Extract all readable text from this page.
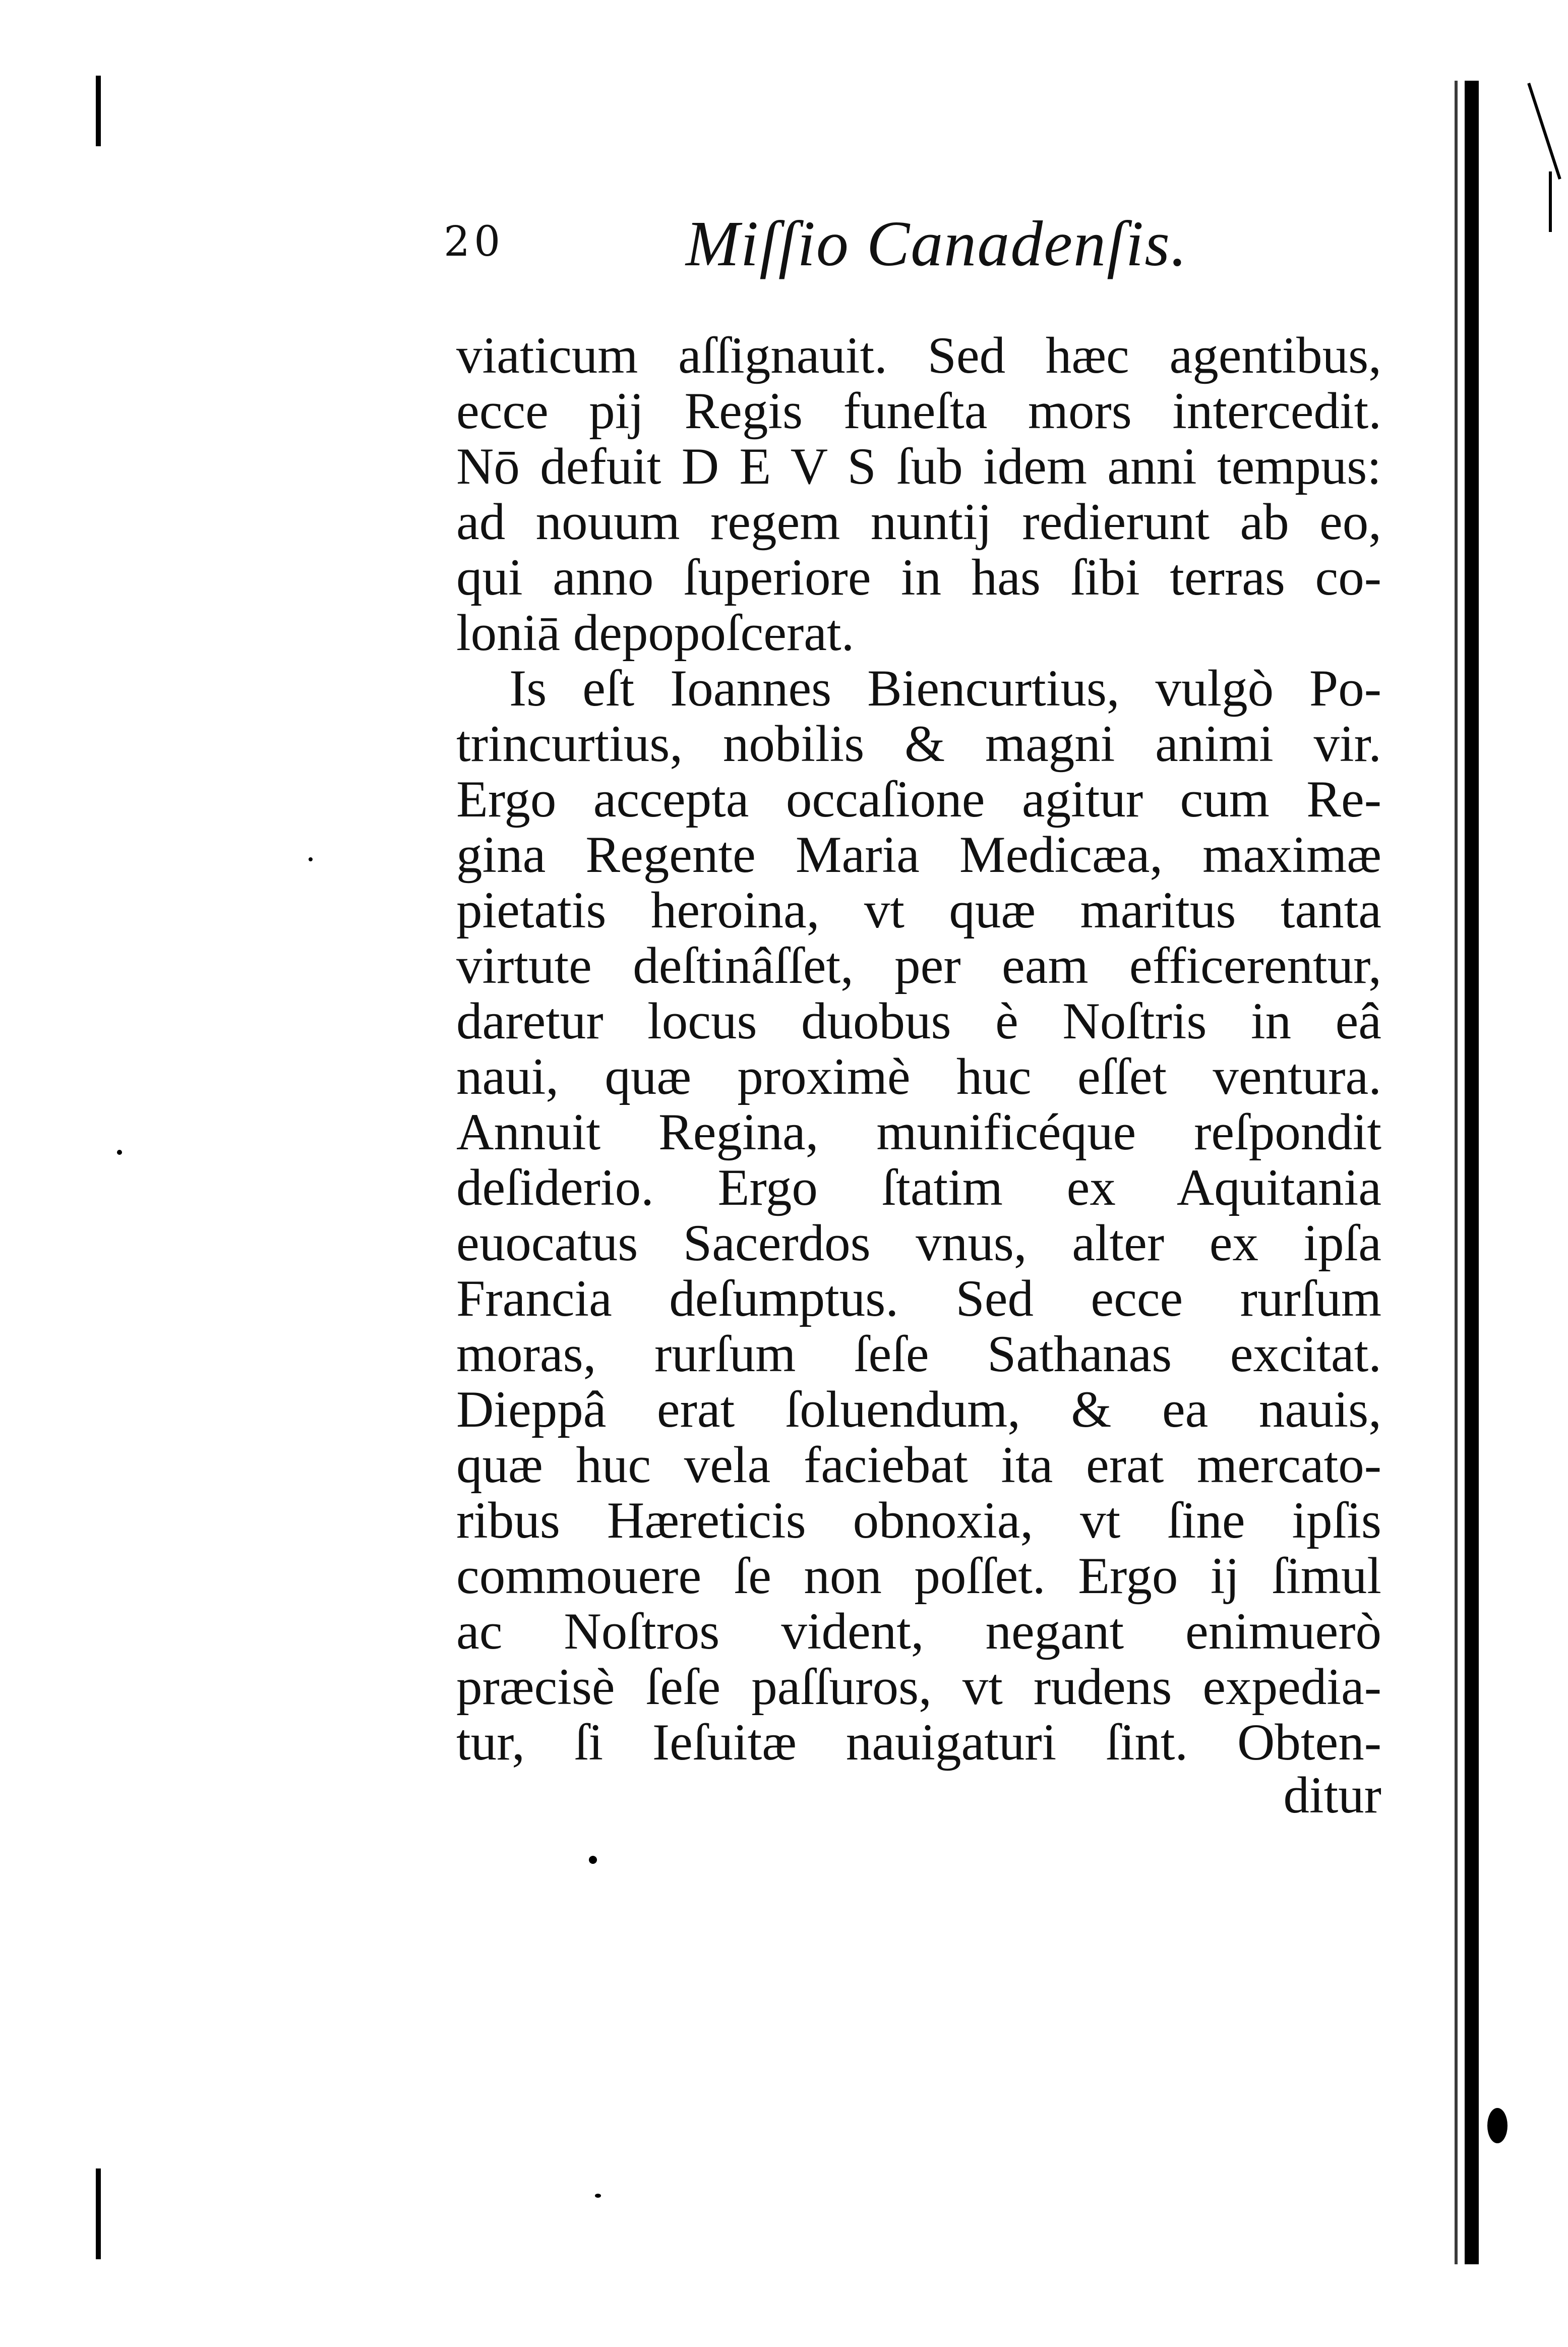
20	Miſſio Canadenſis.
viaticum aſſignauit. Sed hæc agentibus,
ecce pij Regis funeſta mors intercedit.
Nō defuit D E V S ſub idem anni tempus:
ad nouum regem nuntij redierunt ab eo,
qui anno ſuperiore in has ſibi terras co-
loniā depopoſcerat.
Is eſt Ioannes Biencurtius, vulgò Po-
trincurtius, nobilis & magni animi vir.
Ergo accepta occaſione agitur cum Re-
gina Regente Maria Medicæa, maximæ
pietatis heroina, vt quæ maritus tanta
virtute deſtinâſſet, per eam efficerentur,
daretur locus duobus è Noſtris in eâ
naui, quæ proximè huc eſſet ventura.
Annuit Regina, munificéque reſpondit
deſiderio. Ergo ſtatim ex Aquitania
euocatus Sacerdos vnus, alter ex ipſa
Francia deſumptus. Sed ecce rurſum
moras, rurſum ſeſe Sathanas excitat.
Dieppâ erat ſoluendum, & ea nauis,
quæ huc vela faciebat ita erat mercato-
ribus Hæreticis obnoxia, vt ſine ipſis
commouere ſe non poſſet. Ergo ij ſimul
ac Noſtros vident, negant enimuerò
præcisè ſeſe paſſuros, vt rudens expedia-
tur, ſi Ieſuitæ nauigaturi ſint. Obten-
ditur
